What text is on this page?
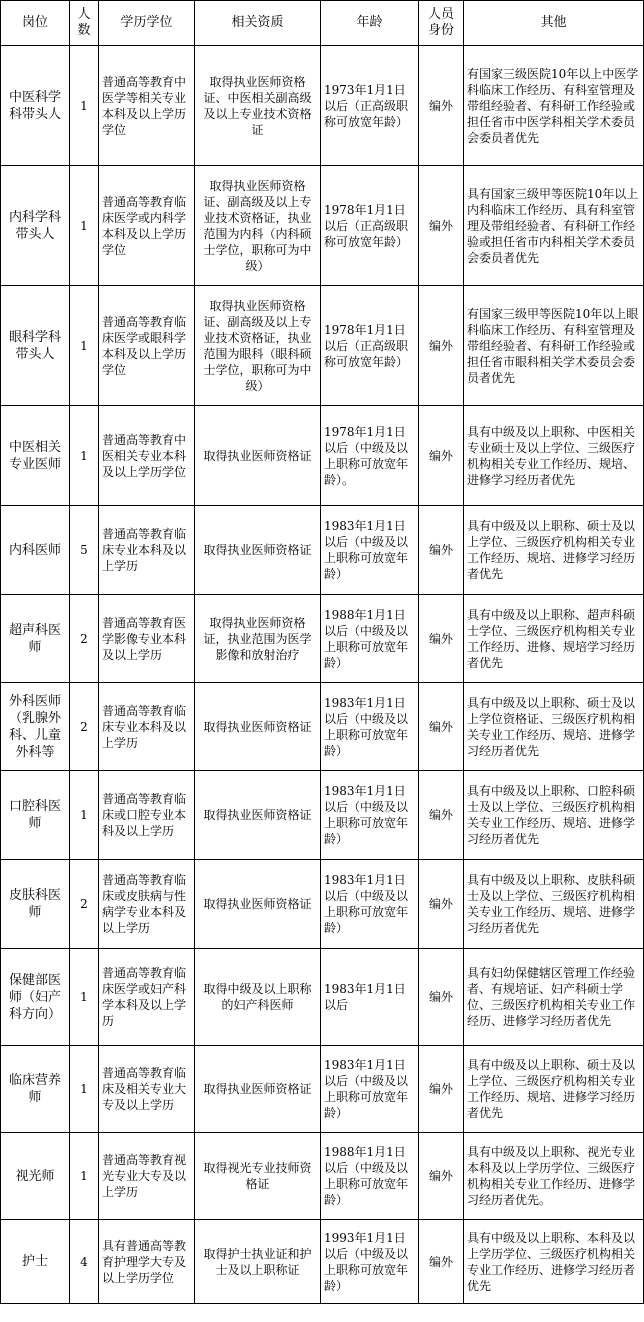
岗位	人数	学历学位	相关资质	年龄	人员身份	其他
中医科学科带头人	1	普通高等教育中医学等相关专业本科及以上学历学位	取得执业医师资格证、中医相关副高级及以上专业技术资格证	1973年1月1日以后（正高级职称可放宽年龄）	编外	有国家三级医院10年以上中医学科临床工作经历、有科室管理及带组经验者、有科研工作经验或担任省市中医学科相关学术委员会委员者优先
内科学科带头人	1	普通高等教育临床医学或内科学本科及以上学历学位	取得执业医师资格证、副高级及以上专业技术资格证，执业范围为内科（内科硕士学位，职称可为中级）	1978年1月1日以后（正高级职称可放宽年龄）	编外	具有国家三级甲等医院10年以上内科临床工作经历、具有科室管理及带组经验者、有科研工作经验或担任省市内科相关学术委员会委员者优先
眼科学科带头人	1	普通高等教育临床医学或眼科学本科及以上学历学位	取得执业医师资格证、副高级及以上专业技术资格证，执业范围为眼科（眼科硕士学位，职称可为中级）	1978年1月1日以后（正高级职称可放宽年龄）	编外	有国家三级甲等医院10年以上眼科临床工作经历、有科室管理及带组经验者、有科研工作经验或担任省市眼科相关学术委员会委员者优先
中医相关专业医师	1	普通高等教育中医相关专业本科及以上学历学位	取得执业医师资格证	1978年1月1日以后（中级及以上职称可放宽年龄）。	编外	具有中级及以上职称、中医相关专业硕士及以上学位、三级医疗机构相关专业工作经历、规培、进修学习经历者优先
内科医师	5	普通高等教育临床专业本科及以上学历	取得执业医师资格证	1983年1月1日以后（中级及以上职称可放宽年龄）	编外	具有中级及以上职称、硕士及以上学位、三级医疗机构相关专业工作经历、规培、进修学习经历者优先
超声科医师	2	普通高等教育医学影像专业本科及以上学历	取得执业医师资格证，执业范围为医学影像和放射治疗	1988年1月1日以后（中级及以上职称可放宽年龄）	编外	具有中级及以上职称、超声科硕士学位、三级医疗机构相关专业工作经历、进修、规培学习经历者优先
外科医师（乳腺外科、儿童外科等	2	普通高等教育临床专业本科及以上学历	取得执业医师资格证	1983年1月1日以后（中级及以上职称可放宽年龄）	编外	具有中级及以上职称、硕士及以上学位资格证、三级医疗机构相关专业工作经历、规培、进修学习经历者优先
口腔科医师	1	普通高等教育临床或口腔专业本科及以上学历	取得执业医师资格证	1983年1月1日以后（中级及以上职称可放宽年龄）	编外	具有中级及以上职称、口腔科硕士及以上学位、三级医疗机构相关专业工作经历、规培、进修学习经历者优先
皮肤科医师	2	普通高等教育临床或皮肤病与性病学专业本科及以上学历	取得执业医师资格证	1983年1月1日以后（中级及以上职称可放宽年龄）	编外	具有中级及以上职称、皮肤科硕士及以上学位、三级医疗机构相关专业工作经历、规培、进修学习经历者优先
保健部医师（妇产科方向）	1	普通高等教育临床医学或妇产科学本科及以上学历	取得中级及以上职称的妇产科医师	1983年1月1日以后	编外	具有妇幼保健辖区管理工作经验者、有规培证、妇产科硕士学位、三级医疗机构相关专业工作经历、进修学习经历者优先
临床营养师	1	普通高等教育临床及相关专业大专及以上学历	取得执业医师资格证	1983年1月1日以后（中级及以上职称可放宽年龄）	编外	具有中级及以上职称、硕士及以上学位、三级医疗机构相关专业工作经历、规培、进修学习经历者优先
视光师	1	普通高等教育视光专业大专及以上学历	取得视光专业技师资格证	1988年1月1日以后（中级及以上职称可放宽年龄）	编外	具有中级及以上职称、视光专业本科及以上学历学位、三级医疗机构相关专业工作经历、进修学习经历者优先。
护士	4	具有普通高等教育护理学大专及以上学历学位	取得护士执业证和护士及以上职称证	1993年1月1日以后（中级及以上职称可放宽年龄）	编外	具有中级及以上职称、本科及以上学历学位、三级医疗机构相关专业工作经历、进修学习经历者优先
